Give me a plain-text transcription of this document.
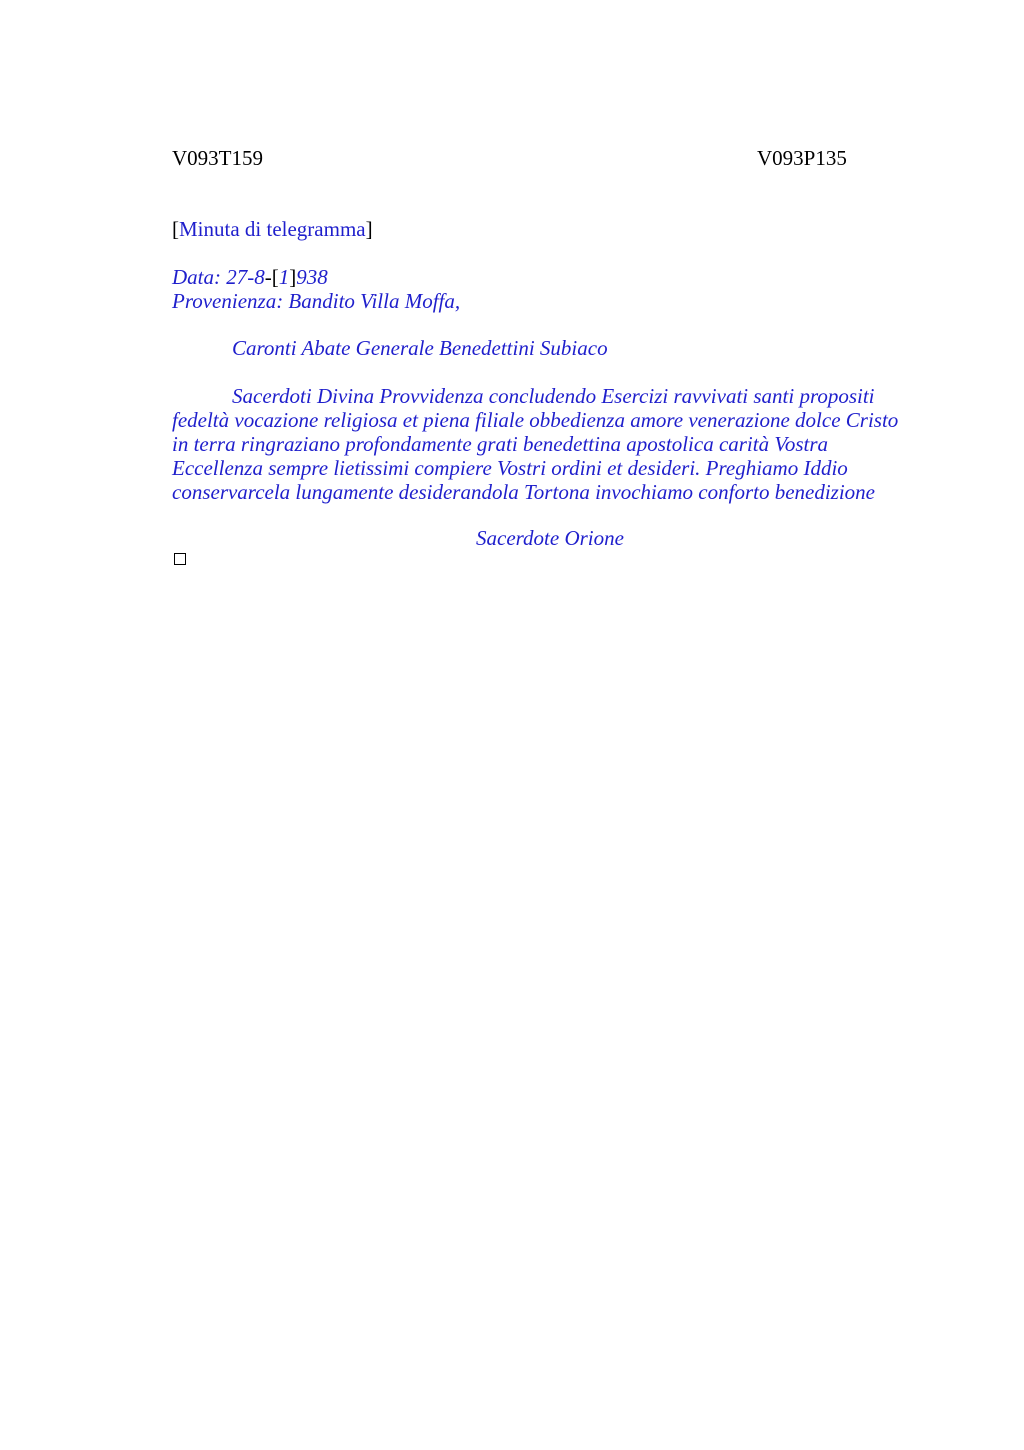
V093T159	V093P135
[Minuta di telegramma]
Data: 27-8-[1]938
Provenienza: Bandito Villa Moffa,
Caronti Abate Generale Benedettini Subiaco

Sacerdoti Divina Provvidenza concludendo Esercizi ravvivati santi propositi fedeltà vocazione religiosa et piena filiale obbedienza amore venerazione dolce Cristo in terra ringraziano profondamente grati benedettina apostolica carità Vostra Eccellenza sempre lietissimi compiere Vostri ordini et desideri. Preghiamo Iddio conservarcela lungamente desiderandola Tortona invochiamo conforto benedizione

Sacerdote Orione
